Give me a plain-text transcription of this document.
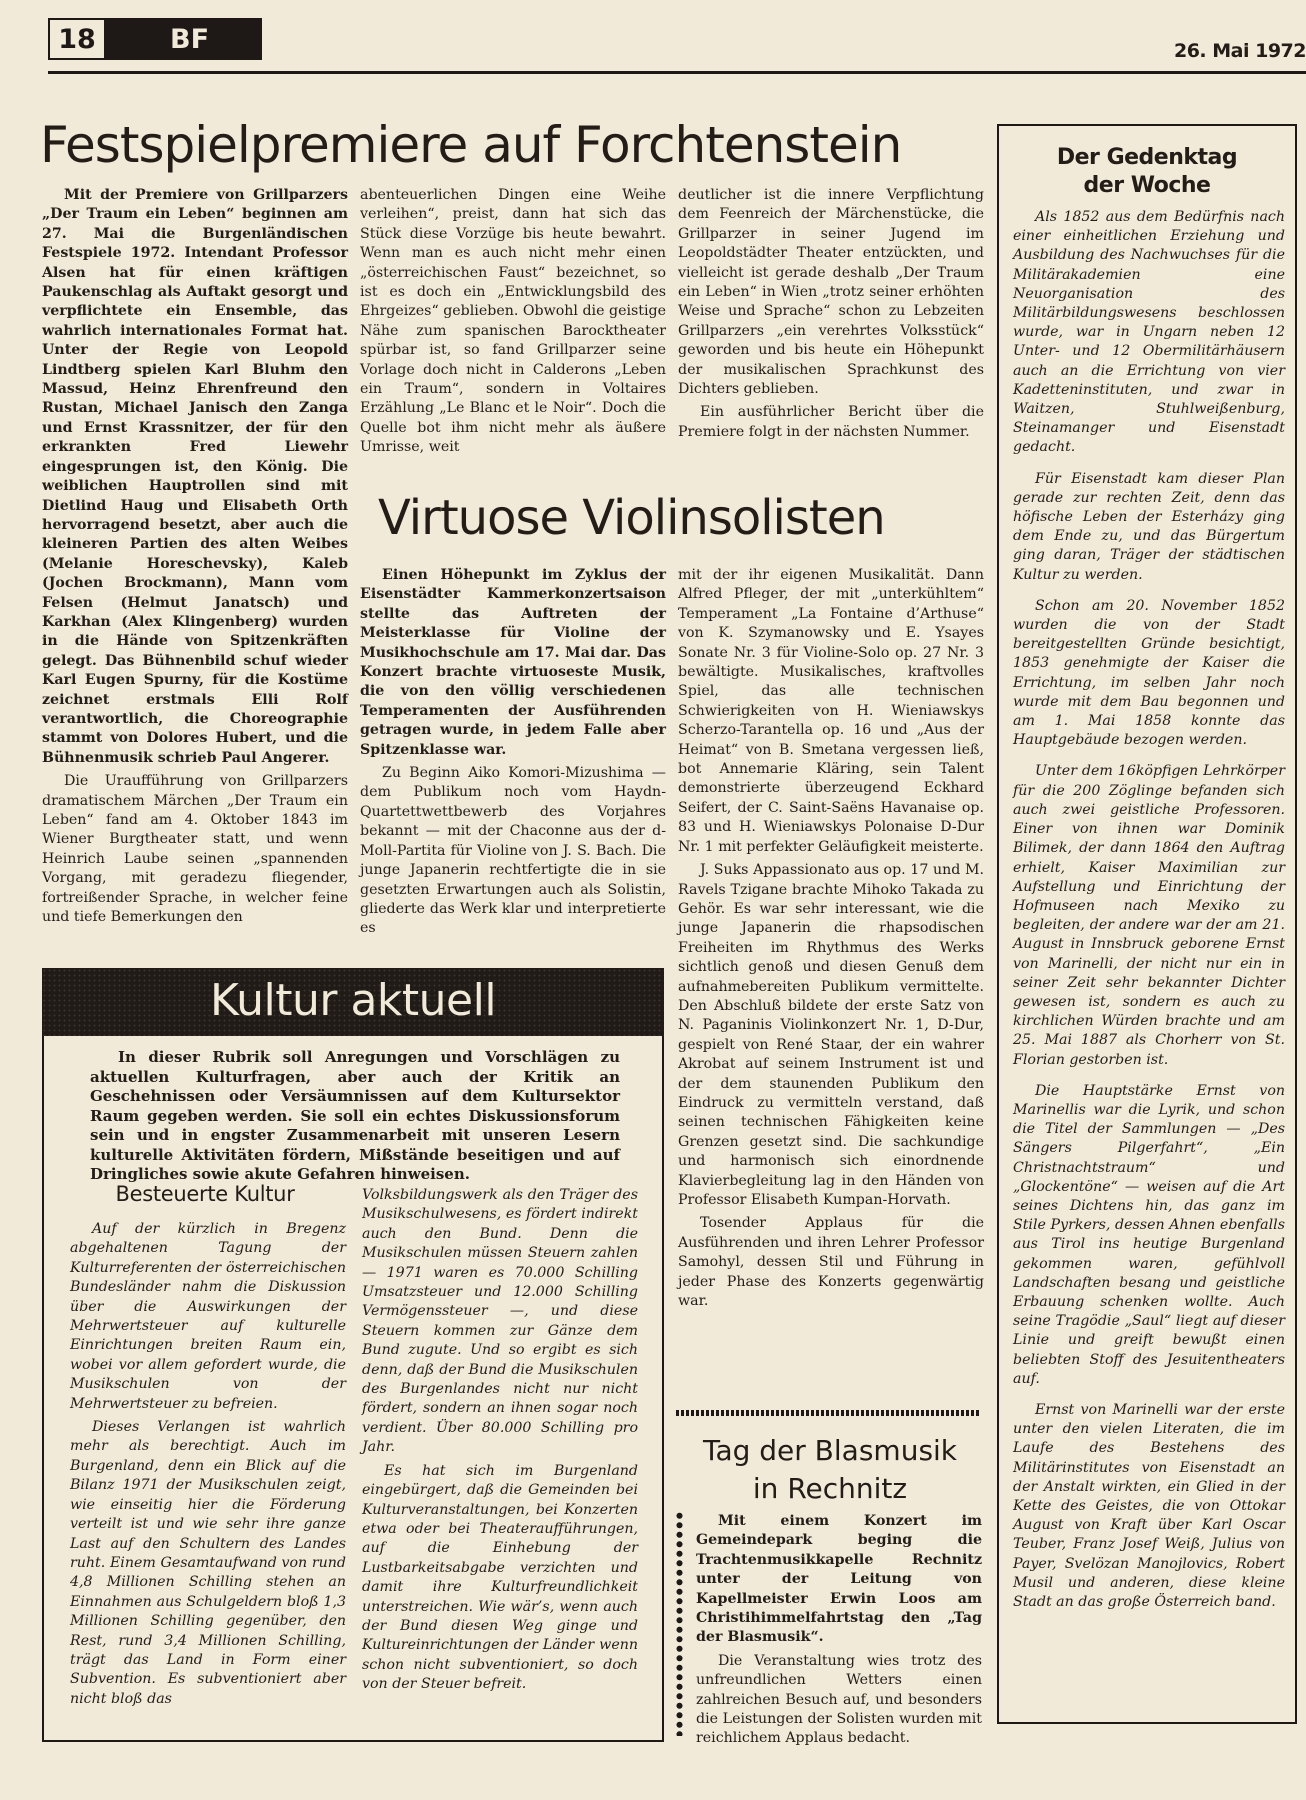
18	BF	26. Mai 1972
Festspielpremiere auf Forchtenstein

Mit der Premiere von Grillparzers „Der Traum ein Leben“ beginnen am 27. Mai die Burgenländischen Festspiele 1972. Intendant Professor Alsen hat für einen kräftigen Paukenschlag als Auftakt gesorgt und verpflichtete ein Ensemble, das wahrlich internationales Format hat. Unter der Regie von Leopold Lindtberg spielen Karl Bluhm den Massud, Heinz Ehrenfreund den Rustan, Michael Janisch den Zanga und Ernst Krassnitzer, der für den erkrankten Fred Liewehr eingesprungen ist, den König. Die weiblichen Hauptrollen sind mit Dietlind Haug und Elisabeth Orth hervorragend besetzt, aber auch die kleineren Partien des alten Weibes (Melanie Horeschevsky), Kaleb (Jochen Brockmann), Mann vom Felsen (Helmut Janatsch) und Karkhan (Alex Klingenberg) wurden in die Hände von Spitzenkräften gelegt. Das Bühnenbild schuf wieder Karl Eugen Spurny, für die Kostüme zeichnet erstmals Elli Rolf verantwortlich, die Choreographie stammt von Dolores Hubert, und die Bühnenmusik schrieb Paul Angerer.

Die Uraufführung von Grillparzers dramatischem Märchen „Der Traum ein Leben“ fand am 4. Oktober 1843 im Wiener Burgtheater statt, und wenn Heinrich Laube seinen „spannenden Vorgang, mit geradezu fliegender, fortreißender Sprache, in welcher feine und tiefe Bemerkungen den

abenteuerlichen Dingen eine Weihe verleihen“, preist, dann hat sich das Stück diese Vorzüge bis heute bewahrt. Wenn man es auch nicht mehr einen „österreichischen Faust“ bezeichnet, so ist es doch ein „Entwicklungsbild des Ehrgeizes“ geblieben. Obwohl die geistige Nähe zum spanischen Barocktheater spürbar ist, so fand Grillparzer seine Vorlage doch nicht in Calderons „Leben ein Traum“, sondern in Voltaires Erzählung „Le Blanc et le Noir“. Doch die Quelle bot ihm nicht mehr als äußere Umrisse, weit

deutlicher ist die innere Verpflichtung dem Feenreich der Märchenstücke, die Grillparzer in seiner Jugend im Leopoldstädter Theater entzückten, und vielleicht ist gerade deshalb „Der Traum ein Leben“ in Wien „trotz seiner erhöhten Weise und Sprache“ schon zu Lebzeiten Grillparzers „ein verehrtes Volksstück“ geworden und bis heute ein Höhepunkt der musikalischen Sprachkunst des Dichters geblieben.

Ein ausführlicher Bericht über die Premiere folgt in der nächsten Nummer.

Virtuose Violinsolisten

Einen Höhepunkt im Zyklus der Eisenstädter Kammerkonzertsaison stellte das Auftreten der Meisterklasse für Violine der Musikhochschule am 17. Mai dar. Das Konzert brachte virtuoseste Musik, die von den völlig verschiedenen Temperamenten der Ausführenden getragen wurde, in jedem Falle aber Spitzenklasse war.

Zu Beginn Aiko Komori-Mizushima — dem Publikum noch vom Haydn-Quartettwettbewerb des Vorjahres bekannt — mit der Chaconne aus der d-Moll-Partita für Violine von J. S. Bach. Die junge Japanerin rechtfertigte die in sie gesetzten Erwartungen auch als Solistin, gliederte das Werk klar und interpretierte es

mit der ihr eigenen Musikalität. Dann Alfred Pfleger, der mit „unterkühltem“ Temperament „La Fontaine d’Arthuse“ von K. Szymanowsky und E. Ysayes Sonate Nr. 3 für Violine-Solo op. 27 Nr. 3 bewältigte. Musikalisches, kraftvolles Spiel, das alle technischen Schwierigkeiten von H. Wieniawskys Scherzo-Tarantella op. 16 und „Aus der Heimat“ von B. Smetana vergessen ließ, bot Annemarie Kläring, sein Talent demonstrierte überzeugend Eckhard Seifert, der C. Saint-Saëns Havanaise op. 83 und H. Wieniawskys Polonaise D-Dur Nr. 1 mit perfekter Geläufigkeit meisterte.

J. Suks Appassionato aus op. 17 und M. Ravels Tzigane brachte Mihoko Takada zu Gehör. Es war sehr interessant, wie die junge Japanerin die rhapsodischen Freiheiten im Rhythmus des Werks sichtlich genoß und diesen Genuß dem aufnahmebereiten Publikum vermittelte. Den Abschluß bildete der erste Satz von N. Paganinis Violinkonzert Nr. 1, D-Dur, gespielt von René Staar, der ein wahrer Akrobat auf seinem Instrument ist und der dem staunenden Publikum den Eindruck zu vermitteln verstand, daß seinen technischen Fähigkeiten keine Grenzen gesetzt sind. Die sachkundige und harmonisch sich einordnende Klavierbegleitung lag in den Händen von Professor Elisabeth Kumpan-Horvath.

Tosender Applaus für die Ausführenden und ihren Lehrer Professor Samohyl, dessen Stil und Führung in jeder Phase des Konzerts gegenwärtig war.

Kultur aktuell

In dieser Rubrik soll Anregungen und Vorschlägen zu aktuellen Kulturfragen, aber auch der Kritik an Geschehnissen oder Versäumnissen auf dem Kultursektor Raum gegeben werden. Sie soll ein echtes Diskussionsforum sein und in engster Zusammenarbeit mit unseren Lesern kulturelle Aktivitäten fördern, Mißstände beseitigen und auf Dringliches sowie akute Gefahren hinweisen.

Besteuerte Kultur

Auf der kürzlich in Bregenz abgehaltenen Tagung der Kulturreferenten der österreichischen Bundesländer nahm die Diskussion über die Auswirkungen der Mehrwertsteuer auf kulturelle Einrichtungen breiten Raum ein, wobei vor allem gefordert wurde, die Musikschulen von der Mehrwertsteuer zu befreien.

Dieses Verlangen ist wahrlich mehr als berechtigt. Auch im Burgenland, denn ein Blick auf die Bilanz 1971 der Musikschulen zeigt, wie einseitig hier die Förderung verteilt ist und wie sehr ihre ganze Last auf den Schultern des Landes ruht. Einem Gesamtaufwand von rund 4,8 Millionen Schilling stehen an Einnahmen aus Schulgeldern bloß 1,3 Millionen Schilling gegenüber, den Rest, rund 3,4 Millionen Schilling, trägt das Land in Form einer Subvention. Es subventioniert aber nicht bloß das

Volksbildungswerk als den Träger des Musikschulwesens, es fördert indirekt auch den Bund. Denn die Musikschulen müssen Steuern zahlen — 1971 waren es 70.000 Schilling Umsatzsteuer und 12.000 Schilling Vermögenssteuer —, und diese Steuern kommen zur Gänze dem Bund zugute. Und so ergibt es sich denn, daß der Bund die Musikschulen des Burgenlandes nicht nur nicht fördert, sondern an ihnen sogar noch verdient. Über 80.000 Schilling pro Jahr.

Es hat sich im Burgenland eingebürgert, daß die Gemeinden bei Kulturveranstaltungen, bei Konzerten etwa oder bei Theateraufführungen, auf die Einhebung der Lustbarkeitsabgabe verzichten und damit ihre Kulturfreundlichkeit unterstreichen. Wie wär’s, wenn auch der Bund diesen Weg ginge und Kultureinrichtungen der Länder wenn schon nicht subventioniert, so doch von der Steuer befreit.

Tag der Blasmusik
in Rechnitz

Mit einem Konzert im Gemeindepark beging die Trachtenmusikkapelle Rechnitz unter der Leitung von Kapellmeister Erwin Loos am Christihimmelfahrtstag den „Tag der Blasmusik“.

Die Veranstaltung wies trotz des unfreundlichen Wetters einen zahlreichen Besuch auf, und besonders die Leistungen der Solisten wurden mit reichlichem Applaus bedacht.

Der Gedenktag
der Woche

Als 1852 aus dem Bedürfnis nach einer einheitlichen Erziehung und Ausbildung des Nachwuchses für die Militärakademien eine Neuorganisation des Militärbildungswesens beschlossen wurde, war in Ungarn neben 12 Unter- und 12 Obermilitärhäusern auch an die Errichtung von vier Kadetteninstituten, und zwar in Waitzen, Stuhlweißenburg, Steinamanger und Eisenstadt gedacht.

Für Eisenstadt kam dieser Plan gerade zur rechten Zeit, denn das höfische Leben der Esterházy ging dem Ende zu, und das Bürgertum ging daran, Träger der städtischen Kultur zu werden.

Schon am 20. November 1852 wurden die von der Stadt bereitgestellten Gründe besichtigt, 1853 genehmigte der Kaiser die Errichtung, im selben Jahr noch wurde mit dem Bau begonnen und am 1. Mai 1858 konnte das Hauptgebäude bezogen werden.

Unter dem 16köpfigen Lehrkörper für die 200 Zöglinge befanden sich auch zwei geistliche Professoren. Einer von ihnen war Dominik Bilimek, der dann 1864 den Auftrag erhielt, Kaiser Maximilian zur Aufstellung und Einrichtung der Hofmuseen nach Mexiko zu begleiten, der andere war der am 21. August in Innsbruck geborene Ernst von Marinelli, der nicht nur ein in seiner Zeit sehr bekannter Dichter gewesen ist, sondern es auch zu kirchlichen Würden brachte und am 25. Mai 1887 als Chorherr von St. Florian gestorben ist.

Die Hauptstärke Ernst von Marinellis war die Lyrik, und schon die Titel der Sammlungen — „Des Sängers Pilgerfahrt“, „Ein Christnachtstraum“ und „Glockentöne“ — weisen auf die Art seines Dichtens hin, das ganz im Stile Pyrkers, dessen Ahnen ebenfalls aus Tirol ins heutige Burgenland gekommen waren, gefühlvoll Landschaften besang und geistliche Erbauung schenken wollte. Auch seine Tragödie „Saul“ liegt auf dieser Linie und greift bewußt einen beliebten Stoff des Jesuitentheaters auf.

Ernst von Marinelli war der erste unter den vielen Literaten, die im Laufe des Bestehens des Militärinstitutes von Eisenstadt an der Anstalt wirkten, ein Glied in der Kette des Geistes, die von Ottokar August von Kraft über Karl Oscar Teuber, Franz Josef Weiß, Julius von Payer, Svelözan Manojlovics, Robert Musil und anderen, diese kleine Stadt an das große Österreich band.
